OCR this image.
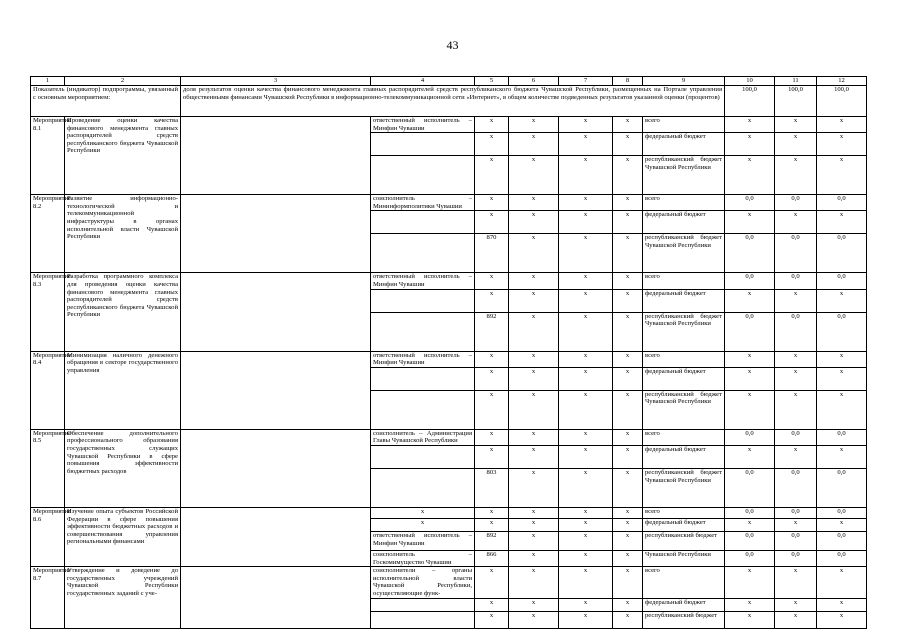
43
1	2	3	4	5	6	7	8	9	10	11	12
Показатель (индикатор) подпрограммы, увязанный с основным мероприятием:		доля результатов оценки качества финансового менеджмента главных распорядителей средств республиканского бюджета Чувашской Республики, размещенных на Портале управления общественными финансами Чувашской Республики в информационно-телекоммуникационной сети «Интернет», в общем количестве подведенных результатов указанной оценки (процентов)							100,0	100,0	100,0
Мероприятие 8.1	Проведение оценки качества финансового менеджмента главных распорядителей средств республиканского бюджета Чувашской Республики		ответственный исполнитель – Минфин Чувашии	x	x	x	x	всего	x	x	x
				x	x	x	x	федеральный бюджет	x	x	x
				x	x	x	x	республиканский бюджет Чувашской Республики	x	x	x
Мероприятие 8.2	Развитие информационно-технологической и телекоммуникационной инфраструктуры в органах исполнительной власти Чувашской Республики		соисполнитель – Мининформполитики Чувашии	x	x	x	x	всего	0,0	0,0	0,0
				x	x	x	x	федеральный бюджет	x	x	x
				870	x	x	x	республиканский бюджет Чувашской Республики	0,0	0,0	0,0
Мероприятие 8.3	Разработка программного комплекса для проведения оценки качества финансового менеджмента главных распорядителей средств республиканского бюджета Чувашской Республики		ответственный исполнитель – Минфин Чувашии	x	x	x	x	всего	0,0	0,0	0,0
				x	x	x	x	федеральный бюджет	x	x	x
				892	x	x	x	республиканский бюджет Чувашской Республики	0,0	0,0	0,0
Мероприятие 8.4	Минимизация наличного денежного обращения в секторе государственного управления		ответственный исполнитель – Минфин Чувашии	x	x	x	x	всего	x	x	x
				x	x	x	x	федеральный бюджет	x	x	x
				x	x	x	x	республиканский бюджет Чувашской Республики	x	x	x
Мероприятие 8.5	Обеспечение дополнительного профессионального образования государственных служащих Чувашской Республики в сфере повышения эффективности бюджетных расходов		соисполнитель – Администрация Главы Чувашской Республики	x	x	x	x	всего	0,0	0,0	0,0
				x	x	x	x	федеральный бюджет	x	x	x
				803	x	x	x	республиканский бюджет Чувашской Республики	0,0	0,0	0,0
Мероприятие 8.6	Изучение опыта субъектов Российской Федерации в сфере повышения эффективности бюджетных расходов и совершенствования управления региональными финансами		x	x	x	x	x	всего	0,0	0,0	0,0
			x	x	x	x	x	федеральный бюджет	x	x	x
			ответственный исполнитель – Минфин Чувашии	892	x	x	x	республиканский бюджет	0,0	0,0	0,0
			соисполнитель – Госкомимущество Чувашии	866	x	x	x	Чувашской Республики	0,0	0,0	0,0
Мероприятие 8.7	Утверждение и доведение до государственных учреждений Чувашской Республики государственных заданий с уче-		соисполнители – органы исполнительной власти Чувашской Республики, осуществляющие функ-	x	x	x	x	всего	x	x	x
				x	x	x	x	федеральный бюджет	x	x	x
				x	x	x	x	республиканский бюджет	x	x	x
